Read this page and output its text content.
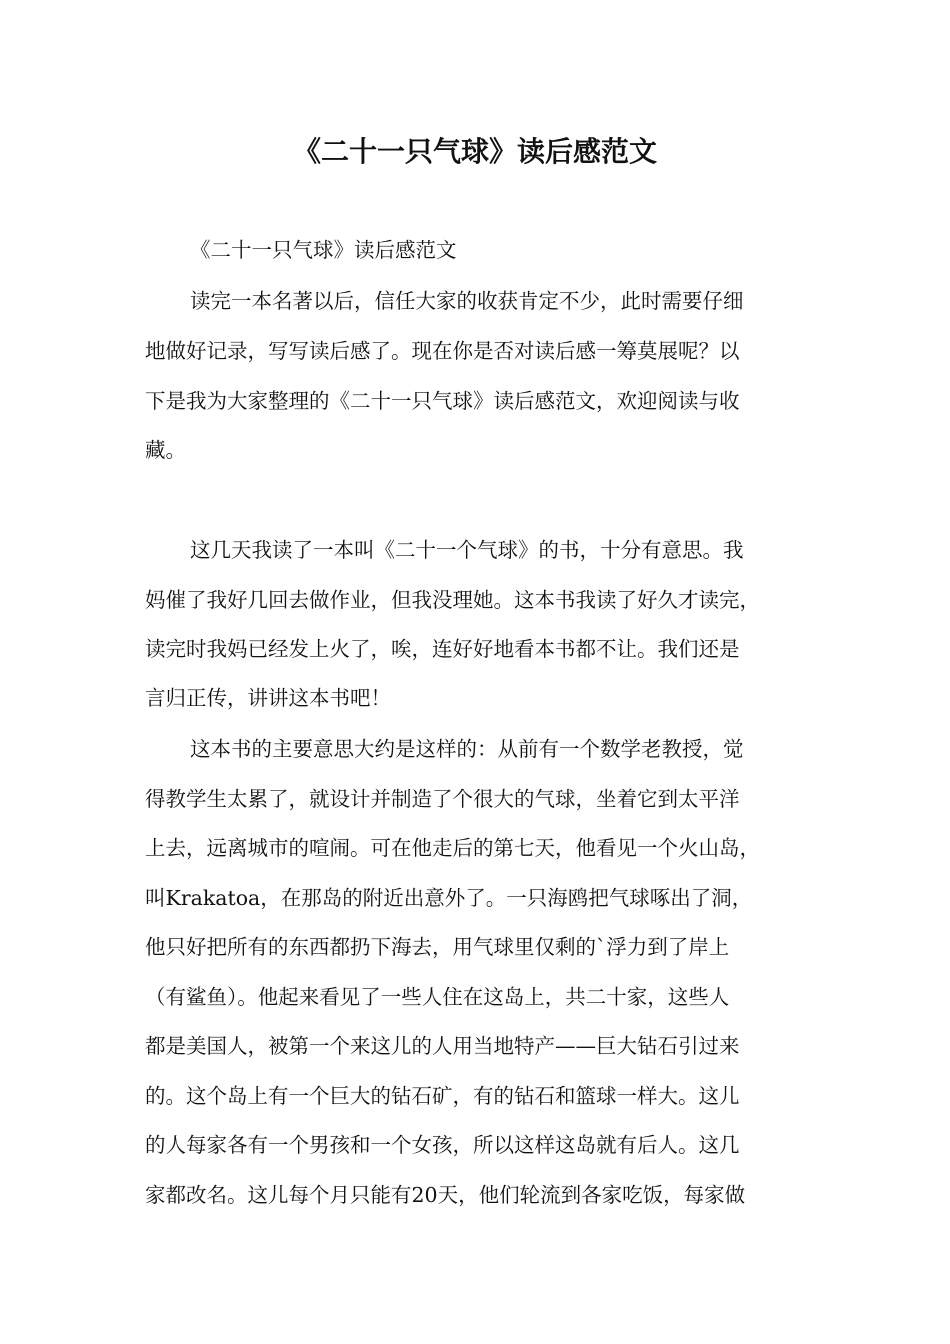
《二十一只气球》读后感范文
《二十一只气球》读后感范文
读完一本名著以后，信任大家的收获肯定不少，此时需要仔细
地做好记录，写写读后感了。现在你是否对读后感一筹莫展呢？以
下是我为大家整理的《二十一只气球》读后感范文，欢迎阅读与收
藏。
这几天我读了一本叫《二十一个气球》的书，十分有意思。我
妈催了我好几回去做作业，但我没理她。这本书我读了好久才读完，
读完时我妈已经发上火了，唉，连好好地看本书都不让。我们还是
言归正传，讲讲这本书吧！
这本书的主要意思大约是这样的：从前有一个数学老教授，觉
得教学生太累了，就设计并制造了个很大的气球，坐着它到太平洋
上去，远离城市的喧闹。可在他走后的第七天，他看见一个火山岛，
叫Krakatoa，在那岛的附近出意外了。一只海鸥把气球啄出了洞，
他只好把所有的东西都扔下海去，用气球里仅剩的`浮力到了岸上
（有鲨鱼）。他起来看见了一些人住在这岛上，共二十家，这些人
都是美国人，被第一个来这儿的人用当地特产——巨大钻石引过来
的。这个岛上有一个巨大的钻石矿，有的钻石和篮球一样大。这儿
的人每家各有一个男孩和一个女孩，所以这样这岛就有后人。这几
家都改名。这儿每个月只能有20天，他们轮流到各家吃饭，每家做
